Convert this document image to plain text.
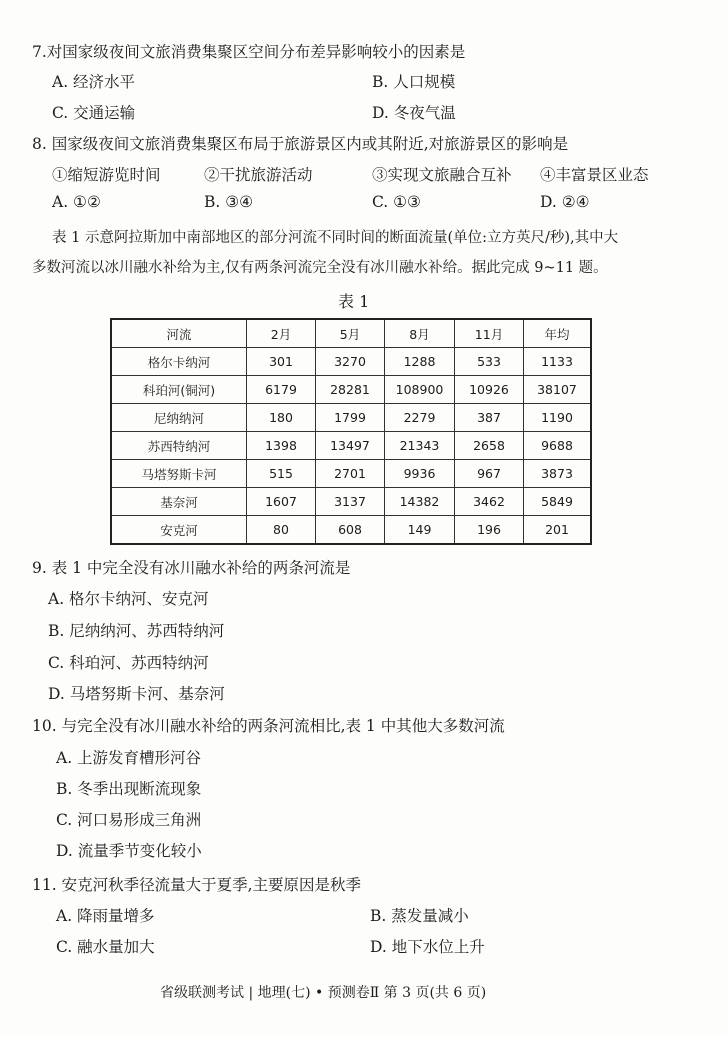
7.对国家级夜间文旅消费集聚区空间分布差异影响较小的因素是
A. 经济水平	B. 人口规模
C. 交通运输	D. 冬夜气温
8. 国家级夜间文旅消费集聚区布局于旅游景区内或其附近,对旅游景区的影响是
①缩短游览时间	②干扰旅游活动	③实现文旅融合互补 ④丰富景区业态
A. ①②	B. ③④	C. ①③	D. ②④
表 1 示意阿拉斯加中南部地区的部分河流不同时间的断面流量(单位:立方英尺/秒),其中大
多数河流以冰川融水补给为主,仅有两条河流完全没有冰川融水补给。据此完成 9~11 题。
表 1
河流	2月	5月	8月	11月	年均
格尔卡纳河	301	3270	1288	533	1133
科珀河(铜河)	6179	28281	108900	10926	38107
尼纳纳河	180	1799	2279	387	1190
苏西特纳河	1398	13497	21343	2658	9688
马塔努斯卡河	515	2701	9936	967	3873
基奈河	1607	3137	14382	3462	5849
安克河	80	608	149	196	201
9. 表 1 中完全没有冰川融水补给的两条河流是
A. 格尔卡纳河、安克河
B. 尼纳纳河、苏西特纳河
C. 科珀河、苏西特纳河
D. 马塔努斯卡河、基奈河
10. 与完全没有冰川融水补给的两条河流相比,表 1 中其他大多数河流
A. 上游发育槽形河谷
B. 冬季出现断流现象
C. 河口易形成三角洲
D. 流量季节变化较小
11. 安克河秋季径流量大于夏季,主要原因是秋季
A. 降雨量增多	B. 蒸发量减小
C. 融水量加大	D. 地下水位上升
省级联测考试 | 地理(七) • 预测卷Ⅱ 第 3 页(共 6 页)
